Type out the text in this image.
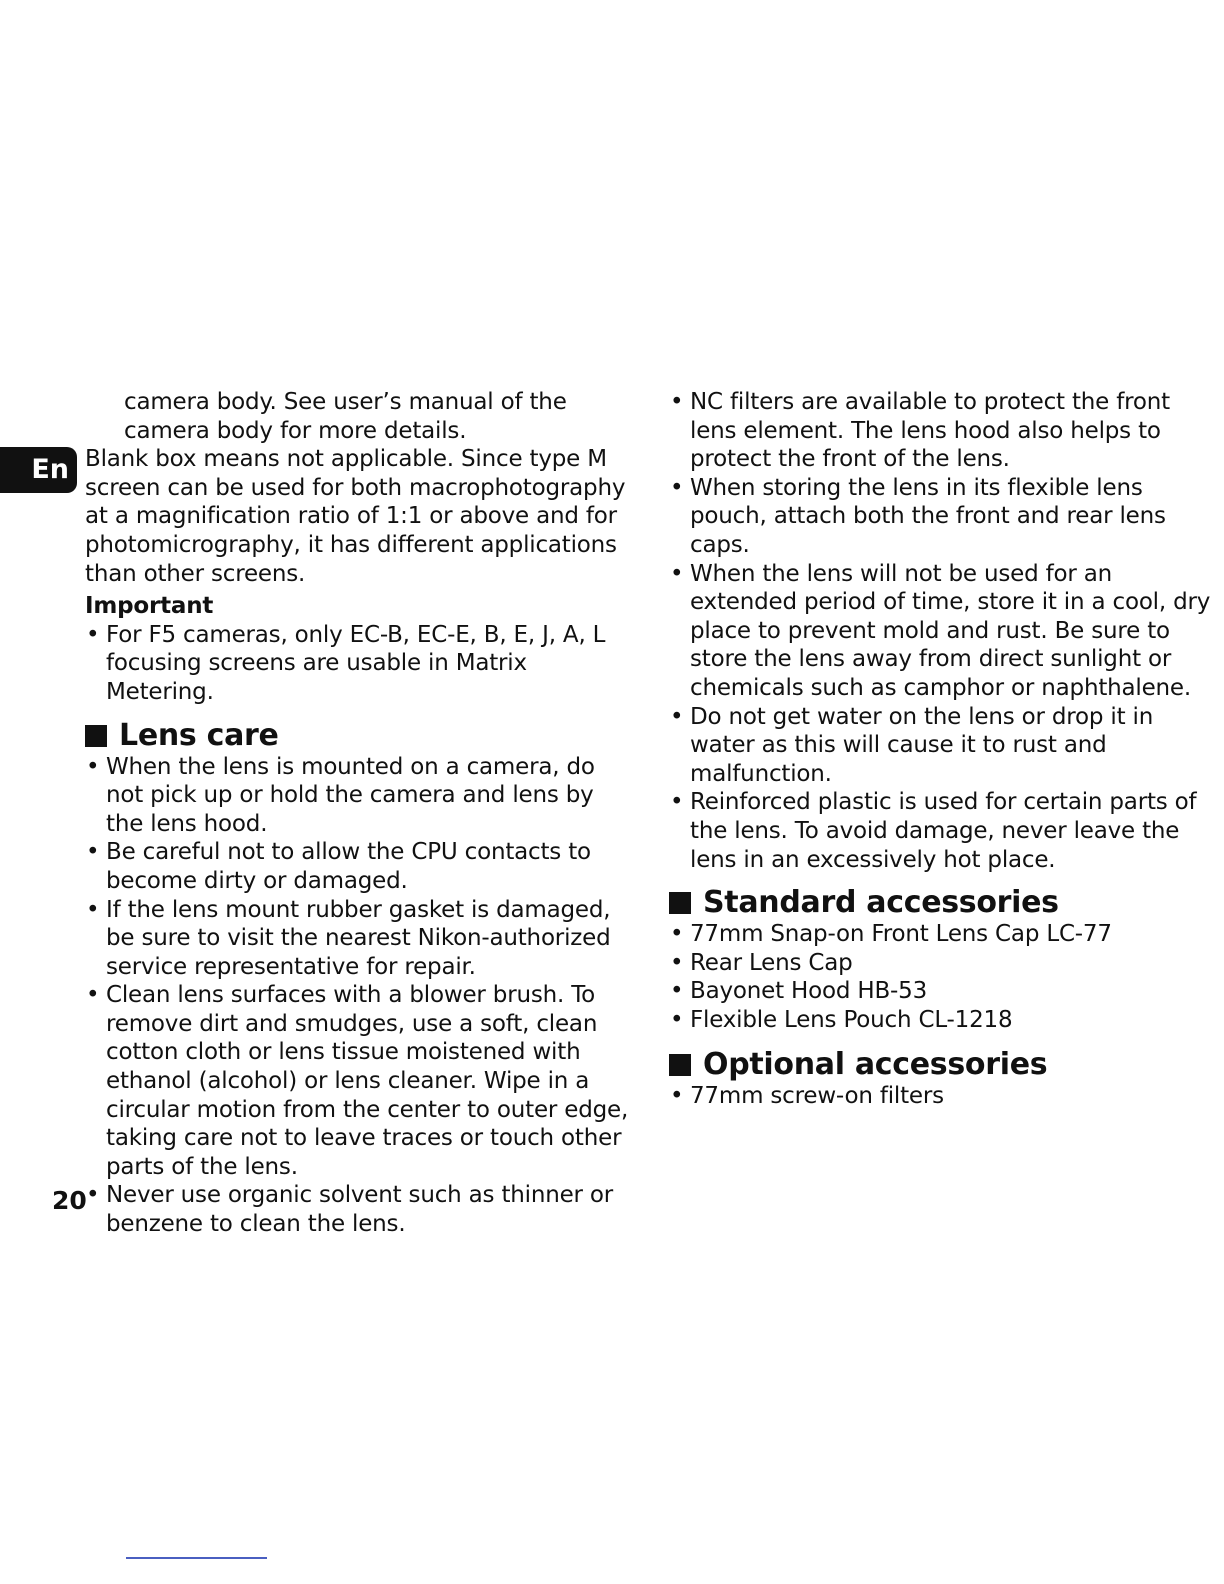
En

camera body. See user’s manual of the camera body for more details.

Blank box means not applicable. Since type M screen can be used for both macrophotography at a magnification ratio of 1:1 or above and for photomicrography, it has different applications than other screens.

Important

• For F5 cameras, only EC-B, EC-E, B, E, J, A, L focusing screens are usable in Matrix Metering.
Lens care
• When the lens is mounted on a camera, do not pick up or hold the camera and lens by the lens hood.
• Be careful not to allow the CPU contacts to become dirty or damaged.
• If the lens mount rubber gasket is damaged, be sure to visit the nearest Nikon-authorized service representative for repair.
• Clean lens surfaces with a blower brush. To remove dirt and smudges, use a soft, clean cotton cloth or lens tissue moistened with ethanol (alcohol) or lens cleaner. Wipe in a circular motion from the center to outer edge, taking care not to leave traces or touch other parts of the lens.
• Never use organic solvent such as thinner or benzene to clean the lens.
• NC filters are available to protect the front lens element. The lens hood also helps to protect the front of the lens.
• When storing the lens in its flexible lens pouch, attach both the front and rear lens caps.
• When the lens will not be used for an extended period of time, store it in a cool, dry place to prevent mold and rust. Be sure to store the lens away from direct sunlight or chemicals such as camphor or naphthalene.
• Do not get water on the lens or drop it in water as this will cause it to rust and malfunction.
• Reinforced plastic is used for certain parts of the lens. To avoid damage, never leave the lens in an excessively hot place.
Standard accessories
• 77mm Snap-on Front Lens Cap LC-77
• Rear Lens Cap
• Bayonet Hood HB-53
• Flexible Lens Pouch CL-1218
Optional accessories
• 77mm screw-on filters
20
